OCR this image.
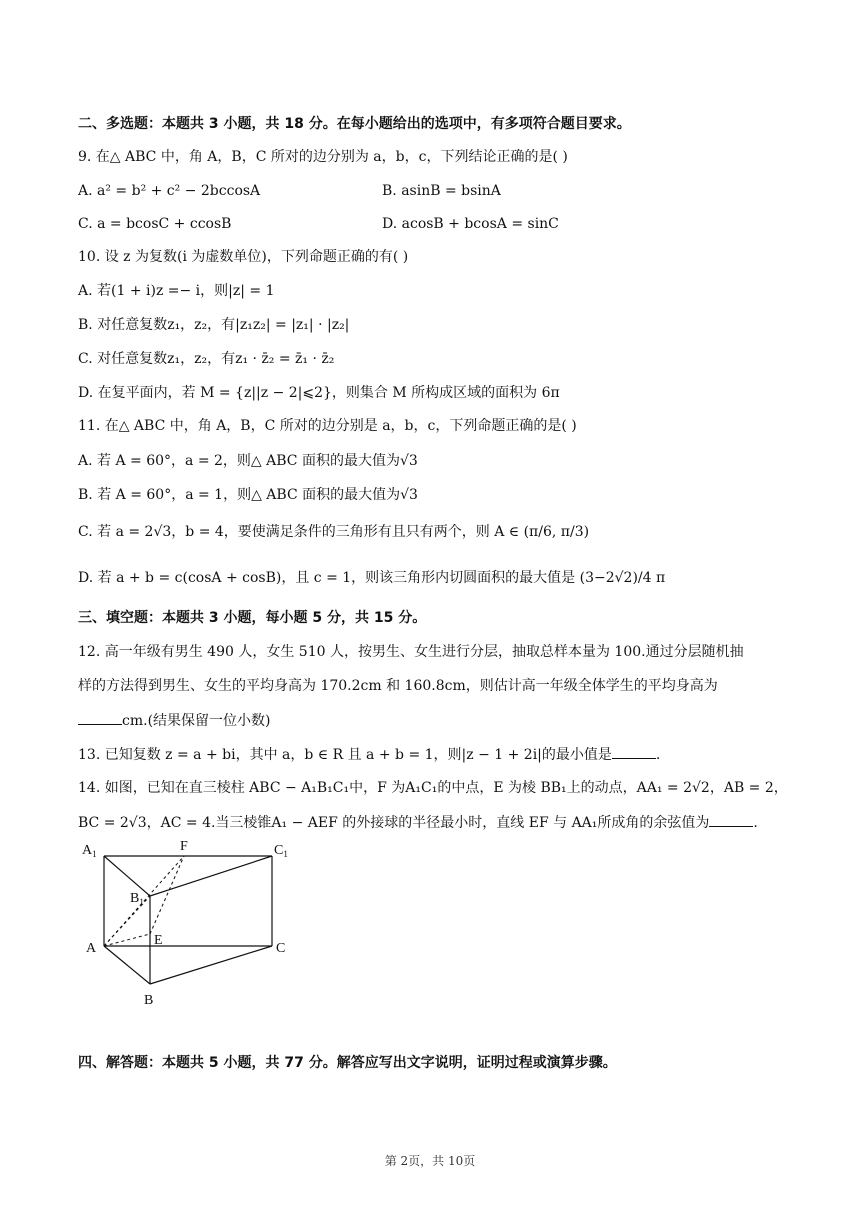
二、多选题：本题共 3 小题，共 18 分。在每小题给出的选项中，有多项符合题目要求。
9. 在△ ABC 中，角 A，B，C 所对的边分别为 a，b，c，下列结论正确的是( )
A. a² = b² + c² − 2bccosA	B. asinB = bsinA
C. a = bcosC + ccosB	D. acosB + bcosA = sinC
10. 设 z 为复数(i 为虚数单位)，下列命题正确的有( )
A. 若(1 + i)z =− i，则|z| = 1
B. 对任意复数z₁，z₂，有|z₁z₂| = |z₁| · |z₂|
C. 对任意复数z₁，z₂，有z₁ · z̄₂ = z̄₁ · z̄₂
D. 在复平面内，若 M = {z||z − 2|⩽2}，则集合 M 所构成区域的面积为 6π
11. 在△ ABC 中，角 A，B，C 所对的边分别是 a，b，c，下列命题正确的是( )
A. 若 A = 60°，a = 2，则△ ABC 面积的最大值为√3
B. 若 A = 60°，a = 1，则△ ABC 面积的最大值为√3
C. 若 a = 2√3，b = 4，要使满足条件的三角形有且只有两个，则 A ∈ (π/6, π/3)
D. 若 a + b = c(cosA + cosB)，且 c = 1，则该三角形内切圆面积的最大值是 (3−2√2)/4 π
三、填空题：本题共 3 小题，每小题 5 分，共 15 分。
12. 高一年级有男生 490 人，女生 510 人，按男生、女生进行分层，抽取总样本量为 100.通过分层随机抽
样的方法得到男生、女生的平均身高为 170.2cm 和 160.8cm，则估计高一年级全体学生的平均身高为
cm.(结果保留一位小数)
13. 已知复数 z = a + bi，其中 a，b ∈ R 且 a + b = 1，则|z − 1 + 2i|的最小值是	.
14. 如图，已知在直三棱柱 ABC − A₁B₁C₁中，F 为A₁C₁的中点，E 为棱 BB₁上的动点，AA₁ = 2√2，AB = 2，
BC = 2√3，AC = 4.当三棱锥A₁ − AEF 的外接球的半径最小时，直线 EF 与 AA₁所成角的余弦值为	.
$A_1$	F	$C_1$
$B_1$
E
A	C
B
四、解答题：本题共 5 小题，共 77 分。解答应写出文字说明，证明过程或演算步骤。
第 2页，共 10页
